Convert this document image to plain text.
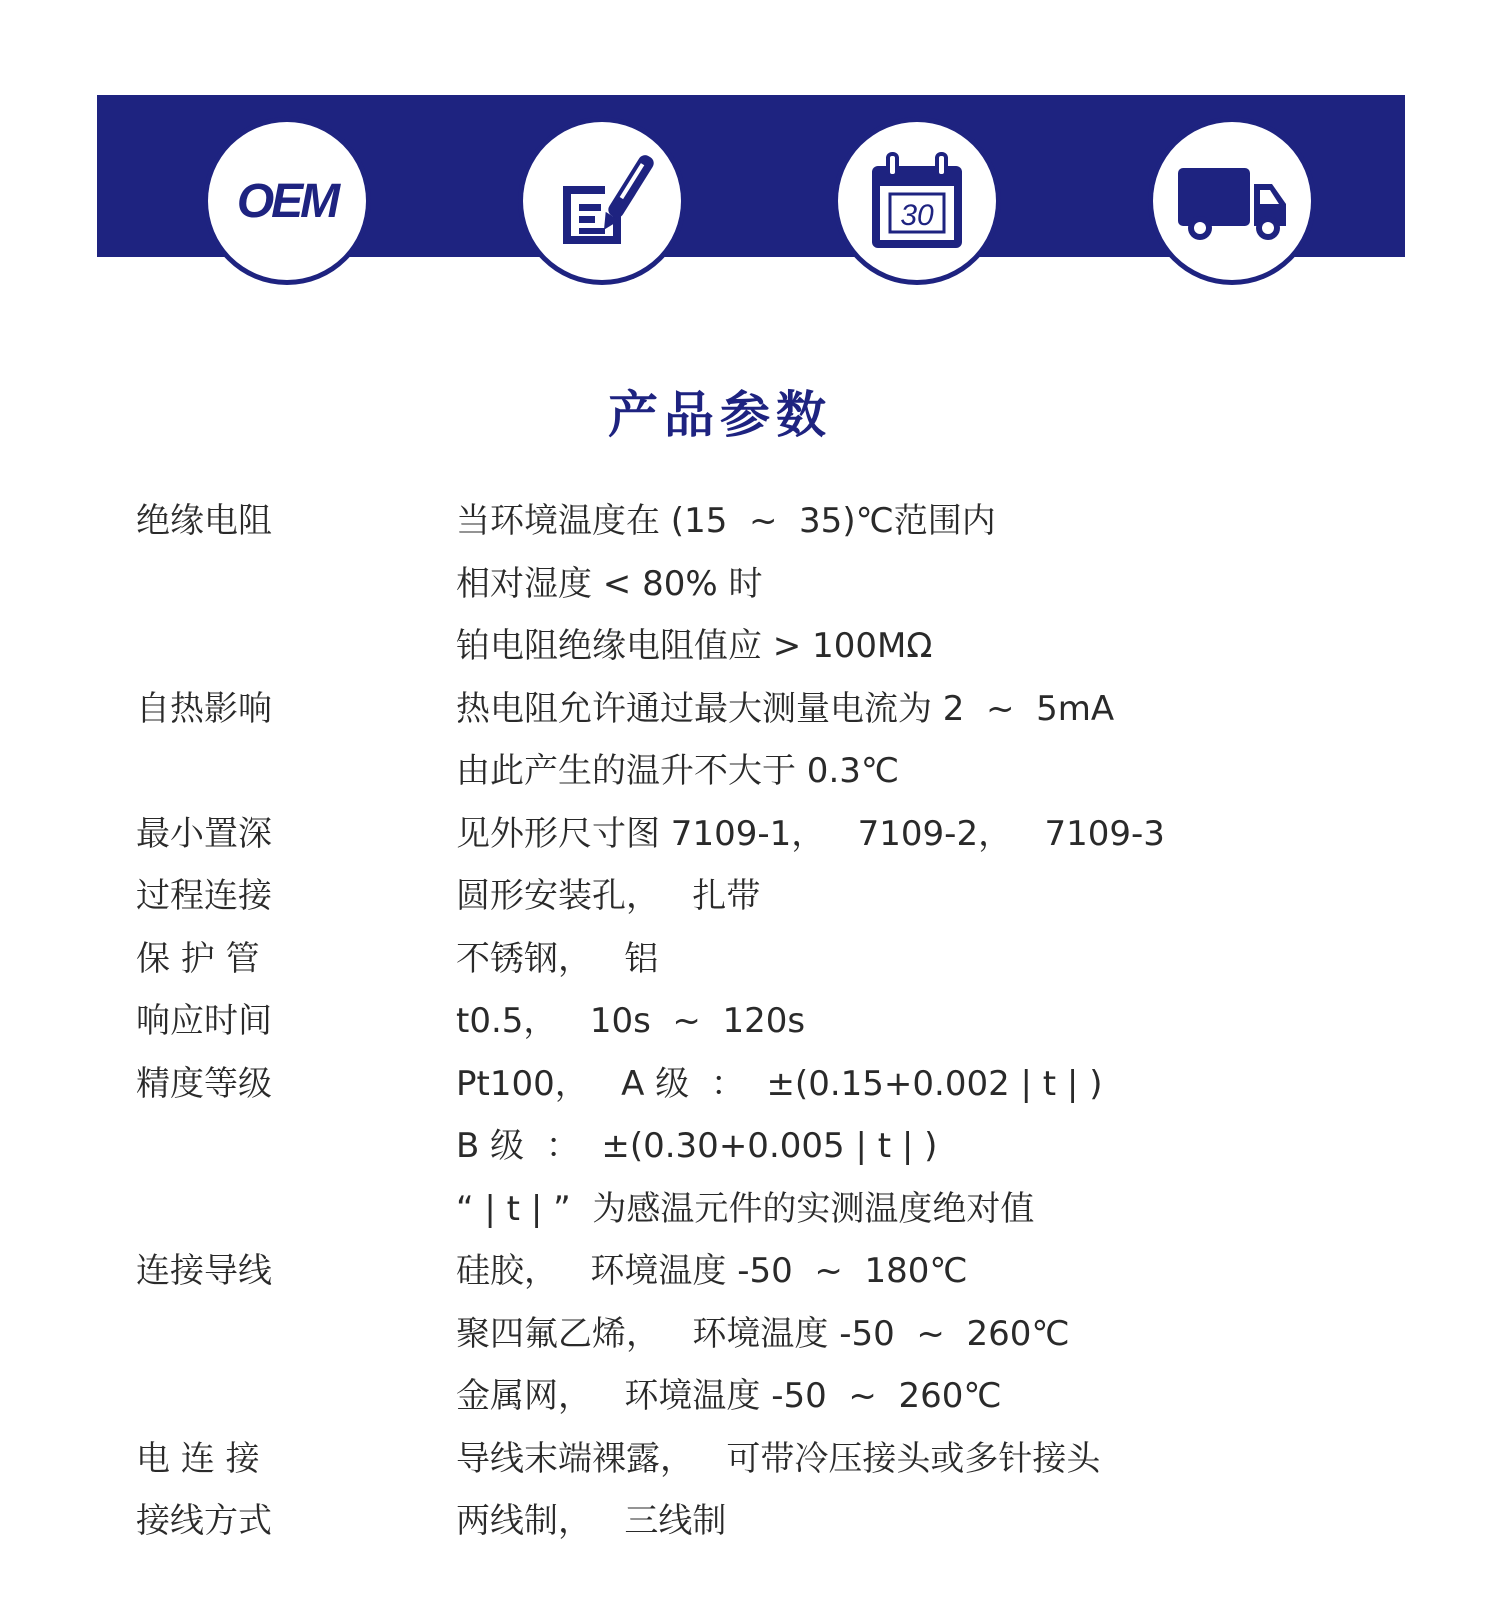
OEM
提供OEM订制	17%增值发票
30
30天退换货	全国包邮
产品参数
绝缘电阻	当环境温度在 (15  ~  35)℃范围内
相对湿度 < 80% 时
铂电阻绝缘电阻值应 > 100MΩ
自热影响	热电阻允许通过最大测量电流为 2  ~  5mA
由此产生的温升不大于 0.3℃
最小置深	见外形尺寸图 7109-1，   7109-2，   7109-3
过程连接	圆形安装孔，   扎带
保 护 管	不锈钢，   铝
响应时间	t0.5，   10s  ~  120s
精度等级	Pt100，   A 级  ：  ±(0.15+0.002 | t | )
B 级  ：  ±(0.30+0.005 | t | )
“ | t | ”  为感温元件的实测温度绝对值
连接导线	硅胶，   环境温度 -50  ~  180℃
聚四氟乙烯，   环境温度 -50  ~  260℃
金属网，   环境温度 -50  ~  260℃
电 连 接	导线末端裸露，   可带冷压接头或多针接头
接线方式	两线制，   三线制
